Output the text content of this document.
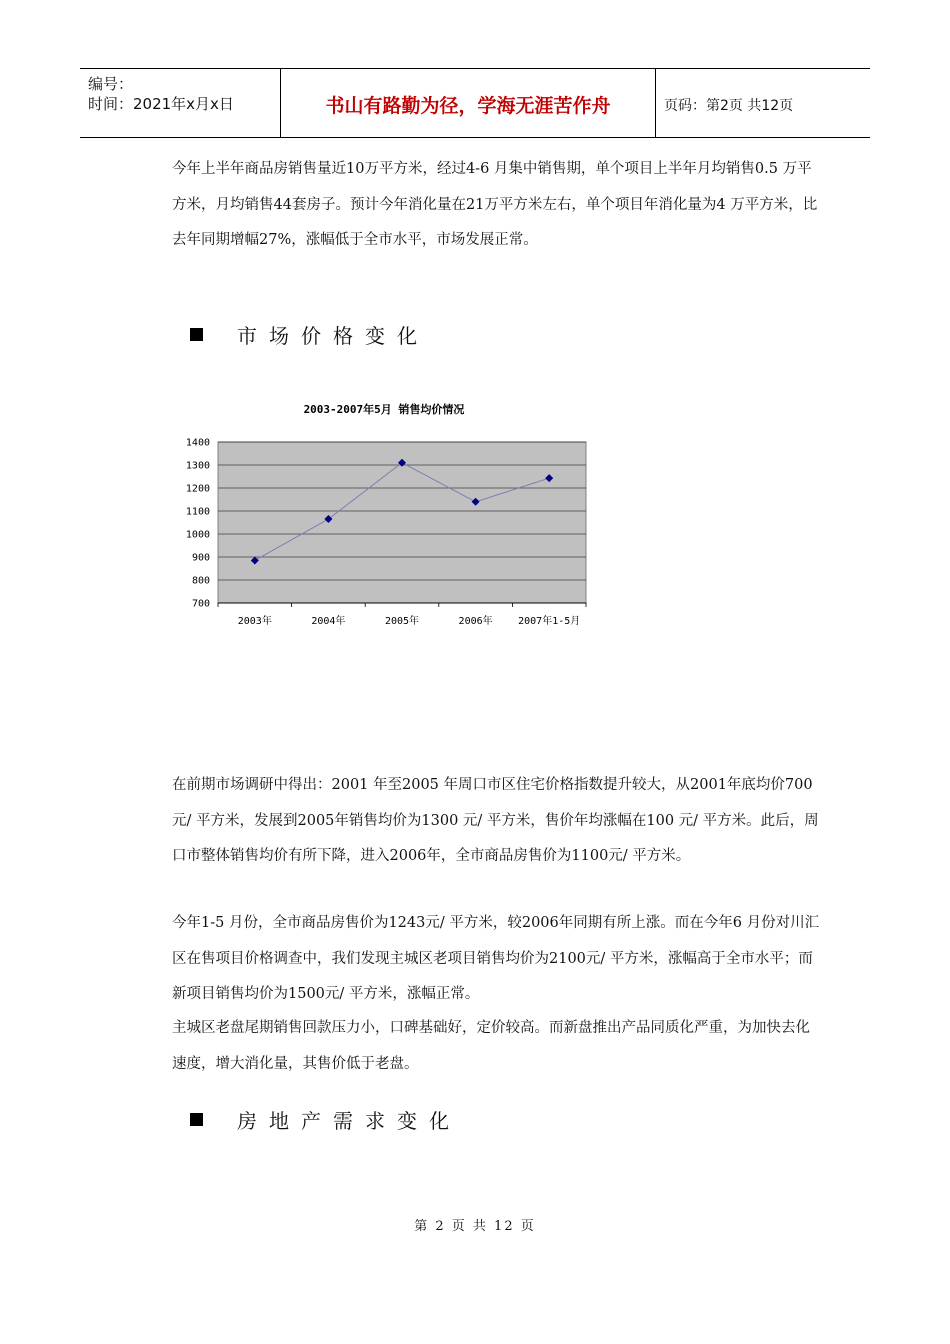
编号：
时间：2021年x月x日	书山有路勤为径，学海无涯苦作舟	页码：第2页 共12页

今年上半年商品房销售量近10万平方米，经过4-6 月集中销售期，单个项目上半年月均销售0.5 万平方米，月均销售44套房子。预计今年消化量在21万平方米左右，单个项目年消化量为4 万平方米，比去年同期增幅27%，涨幅低于全市水平，市场发展正常。

市场价格变化
2003-2007年5月 销售均价情况
700
800
900
1000
1100
1200
1300
1400
2003年	2004年	2005年	2006年	2007年1-5月

在前期市场调研中得出：2001 年至2005 年周口市区住宅价格指数提升较大，从2001年底均价700 元/ 平方米，发展到2005年销售均价为1300 元/ 平方米，售价年均涨幅在100 元/ 平方米。此后，周口市整体销售均价有所下降，进入2006年，全市商品房售价为1100元/ 平方米。

今年1-5 月份，全市商品房售价为1243元/ 平方米，较2006年同期有所上涨。而在今年6 月份对川汇区在售项目价格调查中，我们发现主城区老项目销售均价为2100元/ 平方米，涨幅高于全市水平；而新项目销售均价为1500元/ 平方米，涨幅正常。

主城区老盘尾期销售回款压力小，口碑基础好，定价较高。而新盘推出产品同质化严重，为加快去化速度，增大消化量，其售价低于老盘。

房地产需求变化
第 2 页 共 12 页
